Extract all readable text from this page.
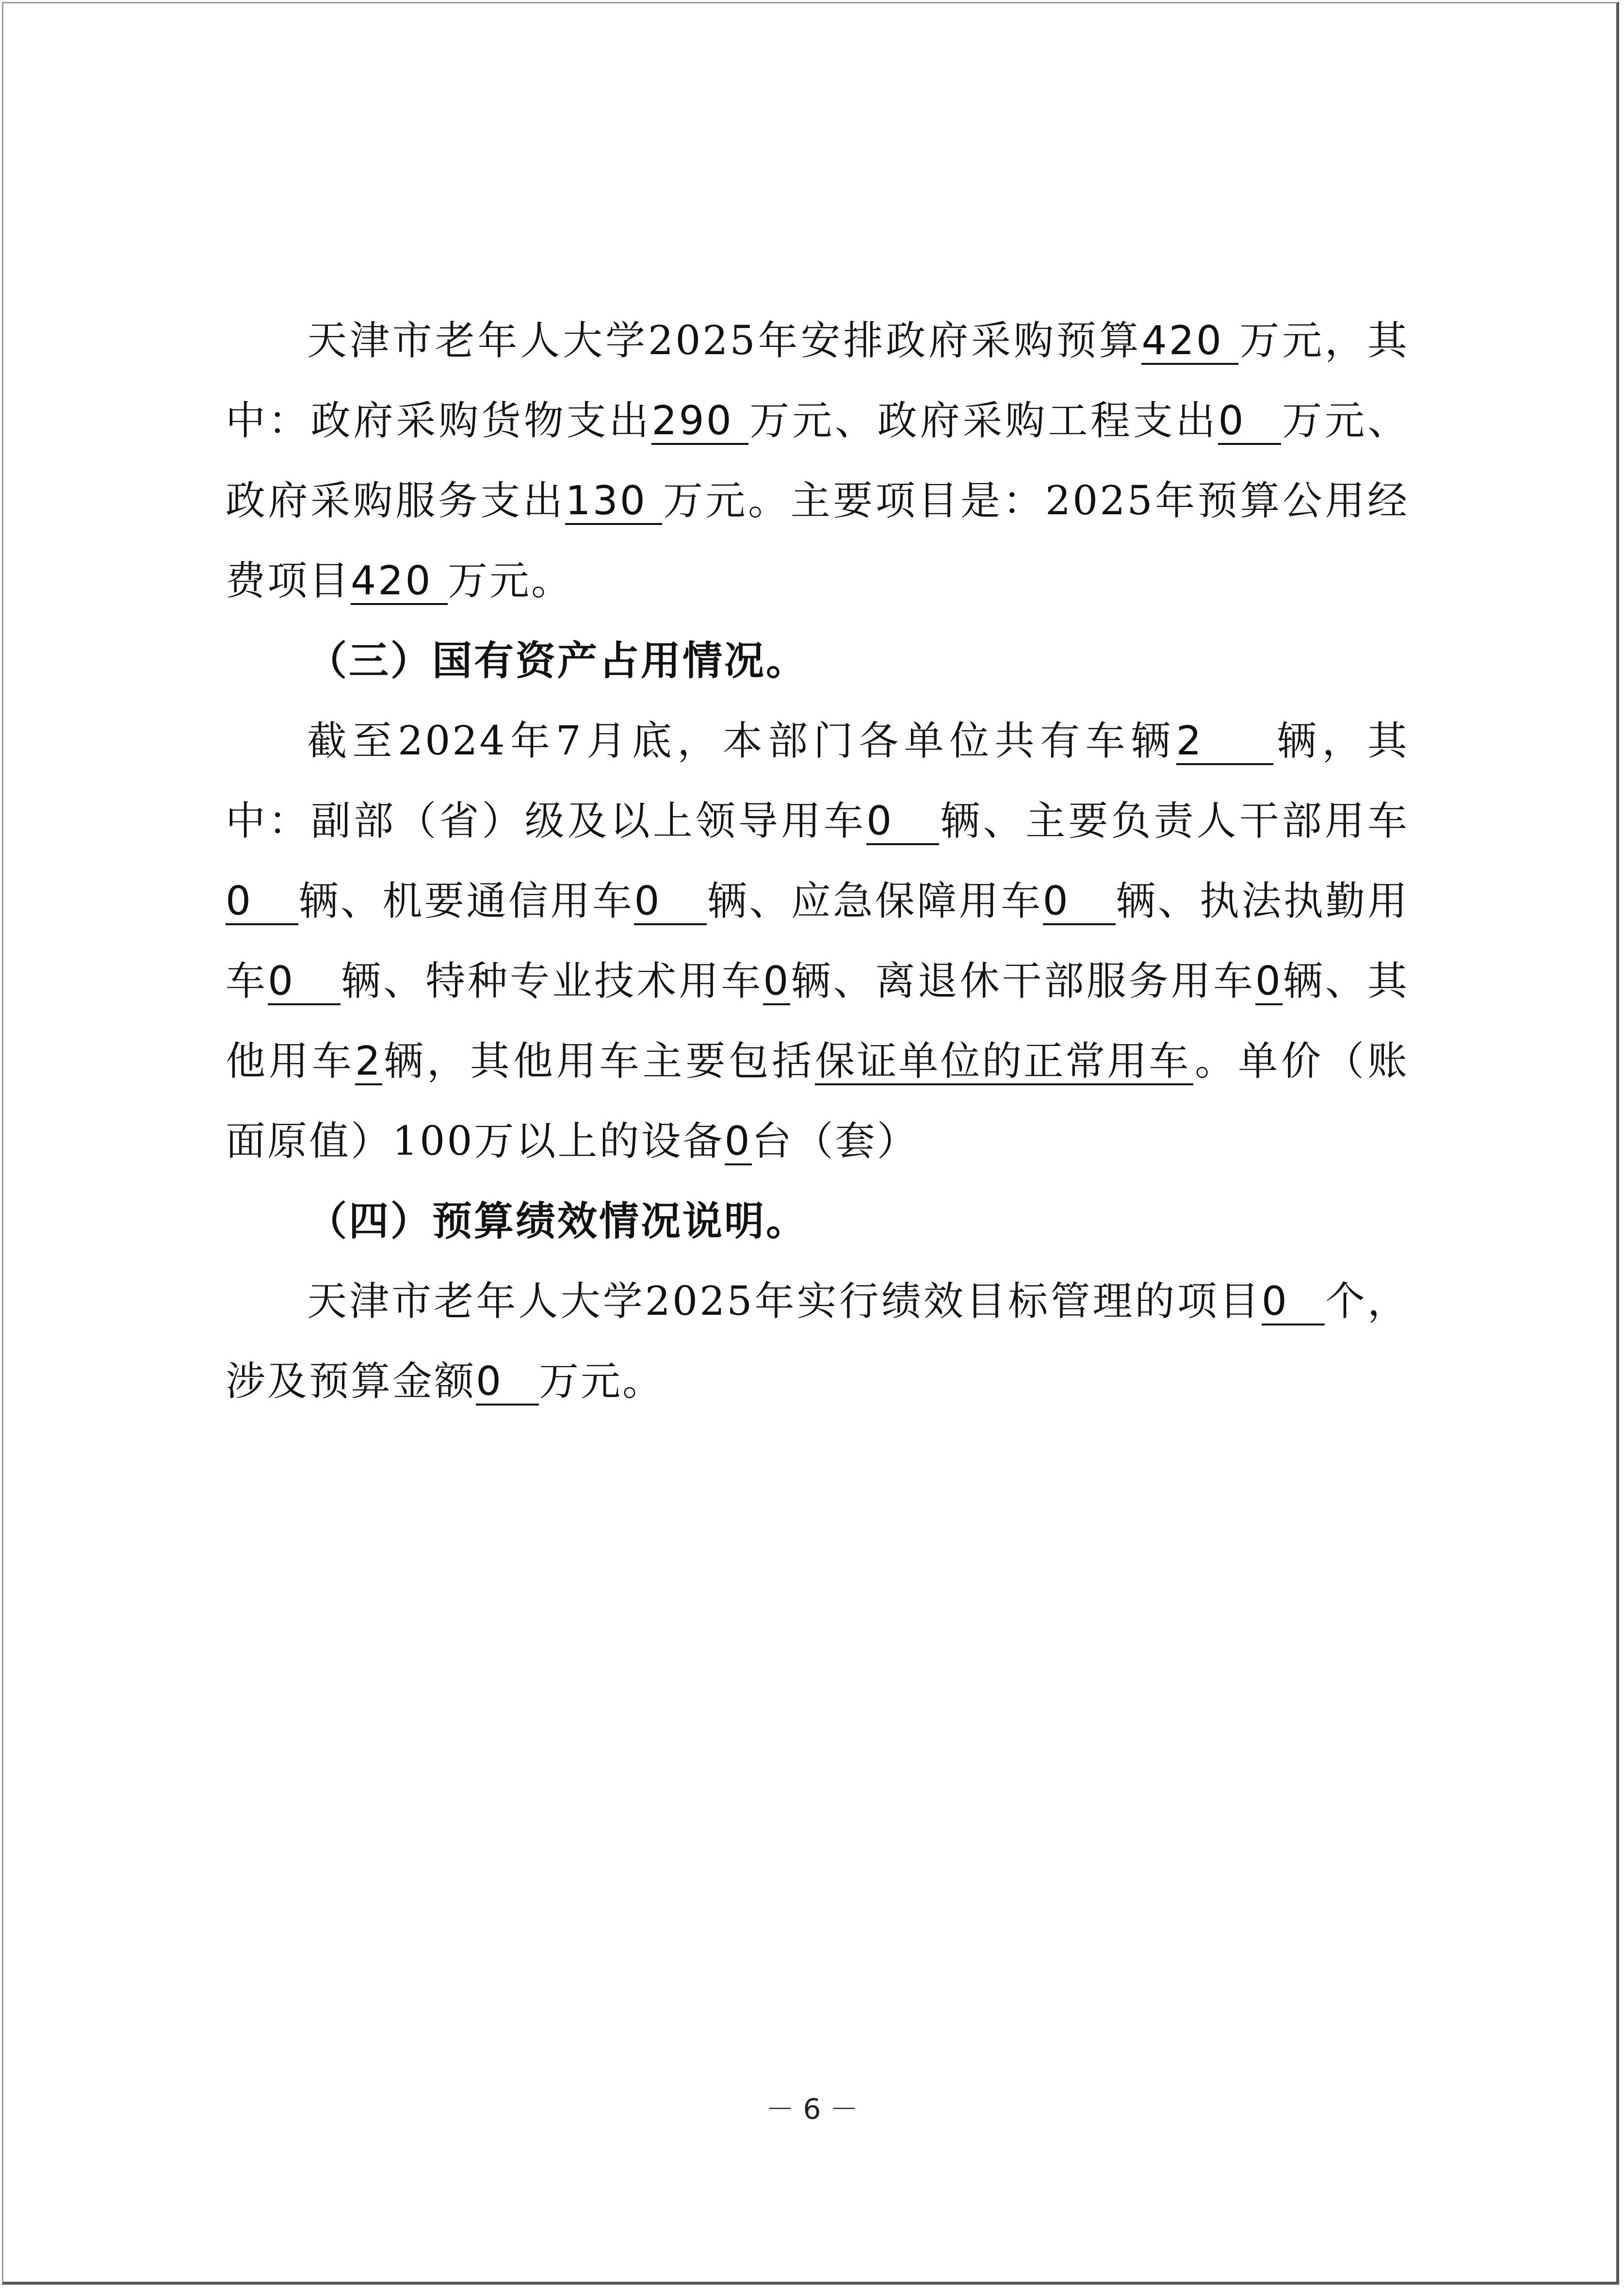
天津市老年人大学2025年安排政府采购预算420 万元，其中：政府采购货物支出290 万元、政府采购工程支出0 万元、政府采购服务支出130 万元。主要项目是：2025年预算公用经费项目420 万元。

（三）国有资产占用情况。

截至2024年7月底，本部门各单位共有车辆2 辆，其中：副部（省）级及以上领导用车0 辆、主要负责人干部用车0 辆、机要通信用车0 辆、应急保障用车0 辆、执法执勤用车0 辆、特种专业技术用车0辆、离退休干部服务用车0辆、其他用车2辆，其他用车主要包括保证单位的正常用车。单价（账面原值）100万以上的设备0台（套）

（四）预算绩效情况说明。

天津市老年人大学2025年实行绩效目标管理的项目0 个，涉及预算金额0 万元。

－ 6 －
